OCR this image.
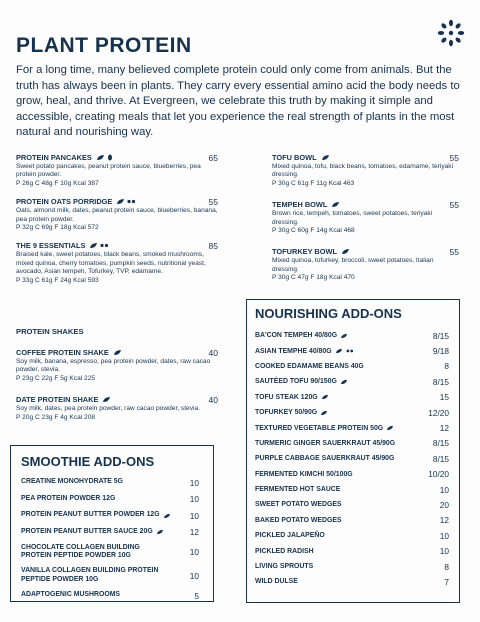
PLANT PROTEIN
For a long time, many believed complete protein could only come from animals. But the truth has always been in plants. They carry every essential amino acid the body needs to grow, heal, and thrive. At Evergreen, we celebrate this truth by making it simple and accessible, creating meals that let you experience the real strength of plants in the most natural and nourishing way.
PROTEIN PANCAKES
Sweet potato pancakes, peanut protein sauce, blueberries, pea protein powder.
P 26g C 48g F 10g Kcal 387
65
PROTEIN OATS PORRIDGE
Oats, almond milk, dates, peanut protein sauce, blueberries, banana, pea protein powder.
P 32g C 69g F 18g Kcal 572
55
THE 9 ESSENTIALS
Braised kale, sweet potatoes, black beans, smoked mushrooms, mixed quinoa, cherry tomatoes, pumpkin seeds, nutritional yeast, avocado, Asian tempeh, Tofurkey, TVP, edamame.
P 33g C 61g F 24g Kcal 593
85
TOFU BOWL
Mixed quinoa, tofu, black beans, tomatoes, edamame, teriyaki dressing.
P 30g C 61g F 11g Kcal 463
55
TEMPEH BOWL
Brown rice, tempeh, tomatoes, sweet potatoes, teriyaki dressing.
P 30g C 60g F 14g Kcal 468
55
TOFURKEY BOWL
Mixed quinoa, tofurkey, broccoli, sweet potatoes, Italian dressing.
P 30g C 47g F 18g Kcal 470
55
PROTEIN SHAKES
COFFEE PROTEIN SHAKE
Soy milk, banana, espresso, pea protein powder, dates, raw cacao powder, stevia.
P 23g C 22g F 5g Kcal 225
40
DATE PROTEIN SHAKE
Soy milk, dates, pea protein powder, raw cacao powder, stevia.
P 20g C 23g F 4g Kcal 208
40
SMOOTHIE ADD-ONS
CREATINE MONOHYDRATE 5G	10
PEA PROTEIN POWDER 12G	10
PROTEIN PEANUT BUTTER POWDER 12G	10
PROTEIN PEANUT BUTTER SAUCE 20G	12
CHOCOLATE COLLAGEN BUILDING PROTEIN PEPTIDE POWDER 10G	10
VANILLA COLLAGEN BUILDING PROTEIN PEPTIDE POWDER 10G	10
ADAPTOGENIC MUSHROOMS	5
NOURISHING ADD-ONS
BA'CON TEMPEH 40/80G	8/15
ASIAN TEMPHE 40/80G	9/18
COOKED EDAMAME BEANS 40G	8
SAUTÉED TOFU 90/150G	8/15
TOFU STEAK 120G	15
TOFURKEY 50/90G	12/20
TEXTURED VEGETABLE PROTEIN 50G	12
TURMERIC GINGER SAUERKRAUT 45/90G	8/15
PURPLE CABBAGE SAUERKRAUT 45/90G	8/15
FERMENTED KIMCHI 50/100G	10/20
FERMENTED HOT SAUCE	10
SWEET POTATO WEDGES	20
BAKED POTATO WEDGES	12
PICKLED JALAPEÑO	10
PICKLED RADISH	10
LIVING SPROUTS	8
WILD DULSE	7
